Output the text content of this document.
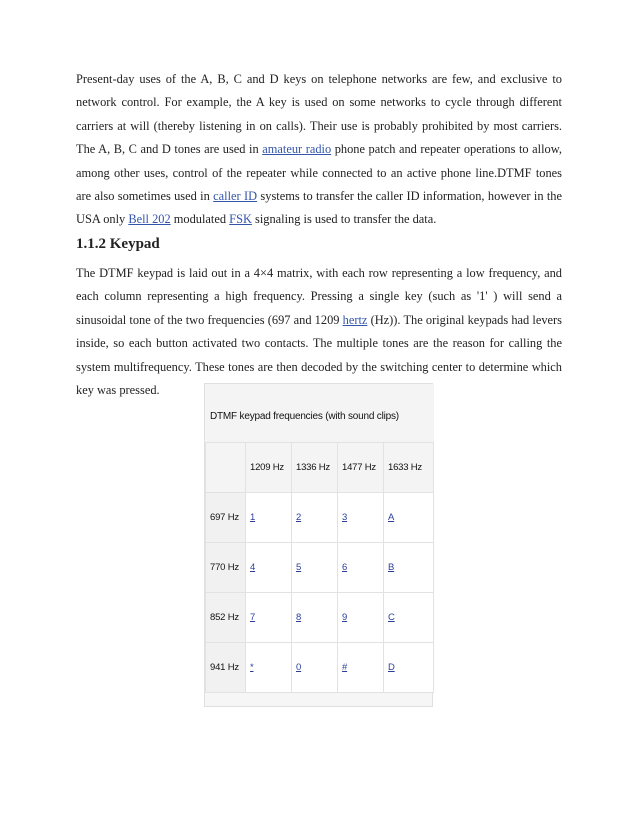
Present-day uses of the A, B, C and D keys on telephone networks are few, and exclusive to network control. For example, the A key is used on some networks to cycle through different carriers at will (thereby listening in on calls). Their use is probably prohibited by most carriers. The A, B, C and D tones are used in amateur radio phone patch and repeater operations to allow, among other uses, control of the repeater while connected to an active phone line.DTMF tones are also sometimes used in caller ID systems to transfer the caller ID information, however in the USA only Bell 202 modulated FSK signaling is used to transfer the data.

1.1.2 Keypad

The DTMF keypad is laid out in a 4×4 matrix, with each row representing a low frequency, and each column representing a high frequency. Pressing a single key (such as '1' ) will send a sinusoidal tone of the two frequencies (697 and 1209 hertz (Hz)). The original keypads had levers inside, so each button activated two contacts. The multiple tones are the reason for calling the system multifrequency. These tones are then decoded by the switching center to determine which key was pressed.

DTMF keypad frequencies (with sound clips)
	1209 Hz	1336 Hz	1477 Hz	1633 Hz
697 Hz	1	2	3	A
770 Hz	4	5	6	B
852 Hz	7	8	9	C
941 Hz	*	0	#	D
